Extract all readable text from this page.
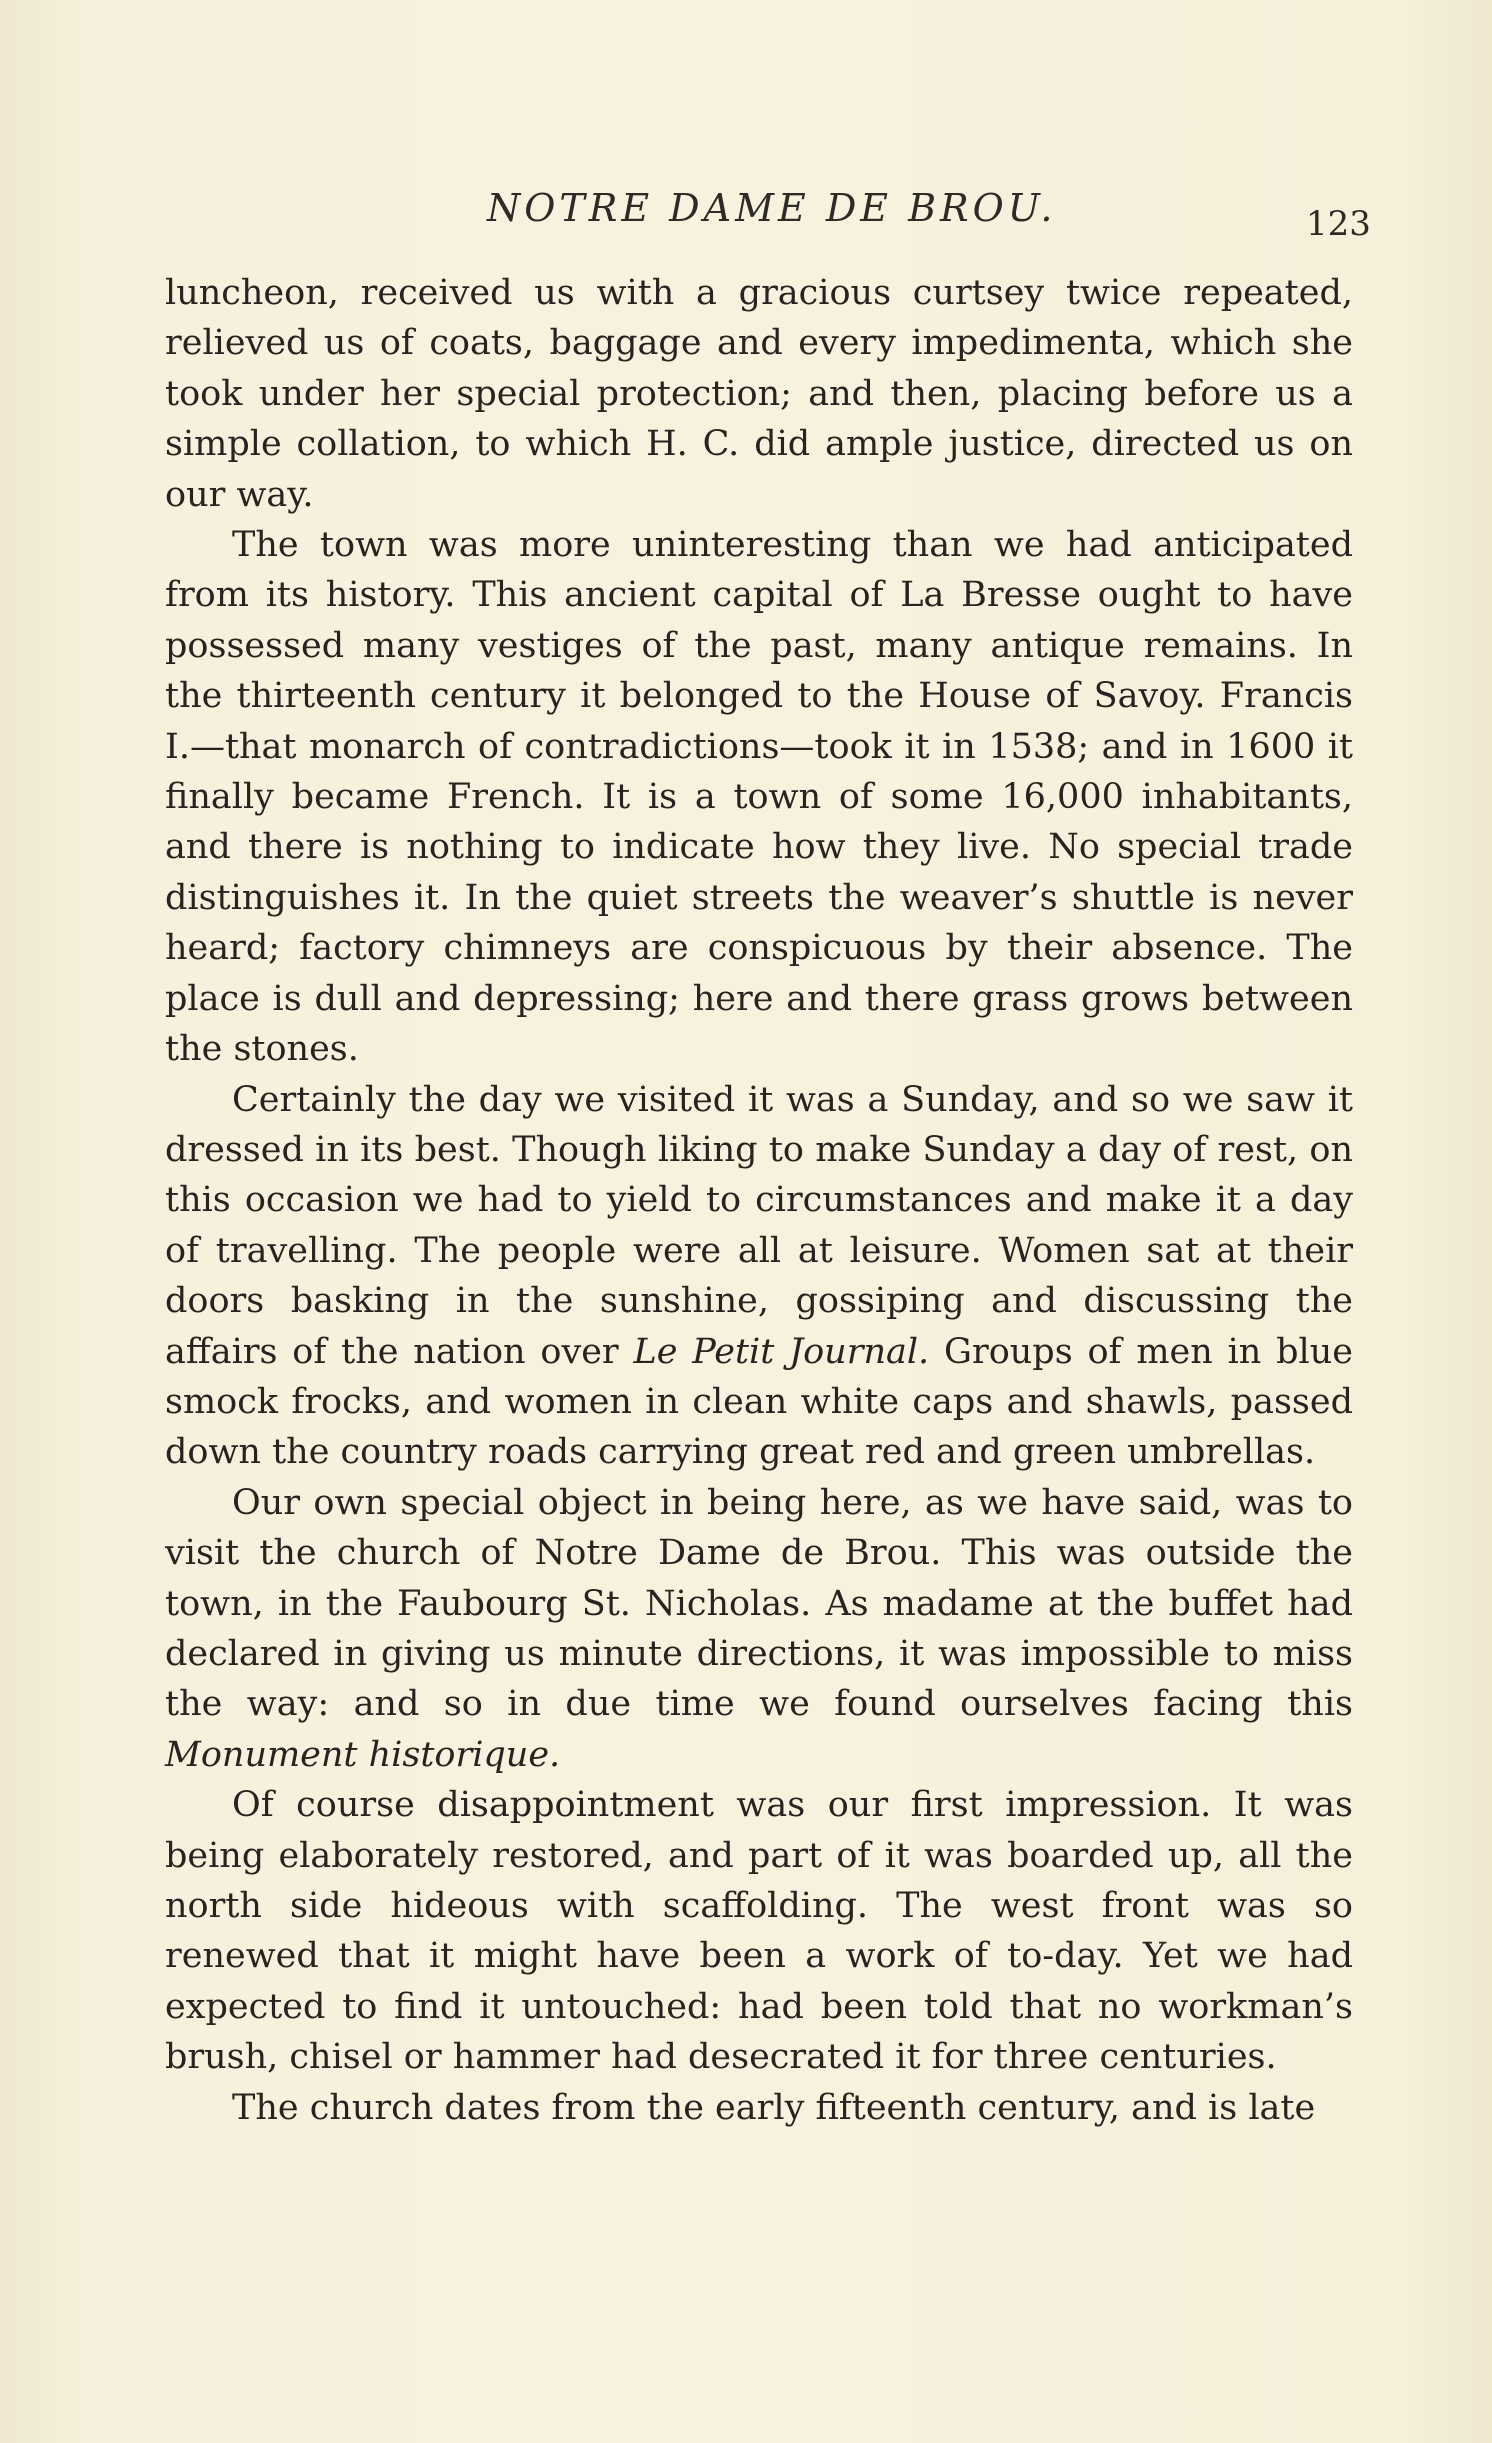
NOTRE DAME DE BROU.	123

luncheon, received us with a gracious curtsey twice repeated, relieved us of coats, baggage and every impedimenta, which she took under her special protection; and then, placing before us a simple collation, to which H. C. did ample justice, directed us on our way.

The town was more uninteresting than we had anticipated from its history. This ancient capital of La Bresse ought to have possessed many vestiges of the past, many antique remains. In the thirteenth century it belonged to the House of Savoy. Francis I.—that monarch of contradictions—took it in 1538; and in 1600 it finally became French. It is a town of some 16,000 inhabitants, and there is nothing to indicate how they live. No special trade distinguishes it. In the quiet streets the weaver’s shuttle is never heard; factory chimneys are conspicuous by their absence. The place is dull and depressing; here and there grass grows between the stones.

Certainly the day we visited it was a Sunday, and so we saw it dressed in its best. Though liking to make Sunday a day of rest, on this occasion we had to yield to circumstances and make it a day of travelling. The people were all at leisure. Women sat at their doors basking in the sunshine, gossiping and discussing the affairs of the nation over Le Petit Journal. Groups of men in blue smock frocks, and women in clean white caps and shawls, passed down the country roads carrying great red and green umbrellas.

Our own special object in being here, as we have said, was to visit the church of Notre Dame de Brou. This was outside the town, in the Faubourg St. Nicholas. As madame at the buffet had declared in giving us minute directions, it was impossible to miss the way: and so in due time we found ourselves facing this Monument historique.

Of course disappointment was our first impression. It was being elaborately restored, and part of it was boarded up, all the north side hideous with scaffolding. The west front was so renewed that it might have been a work of to-day. Yet we had expected to find it untouched: had been told that no workman’s brush, chisel or hammer had desecrated it for three centuries.

The church dates from the early fifteenth century, and is late
